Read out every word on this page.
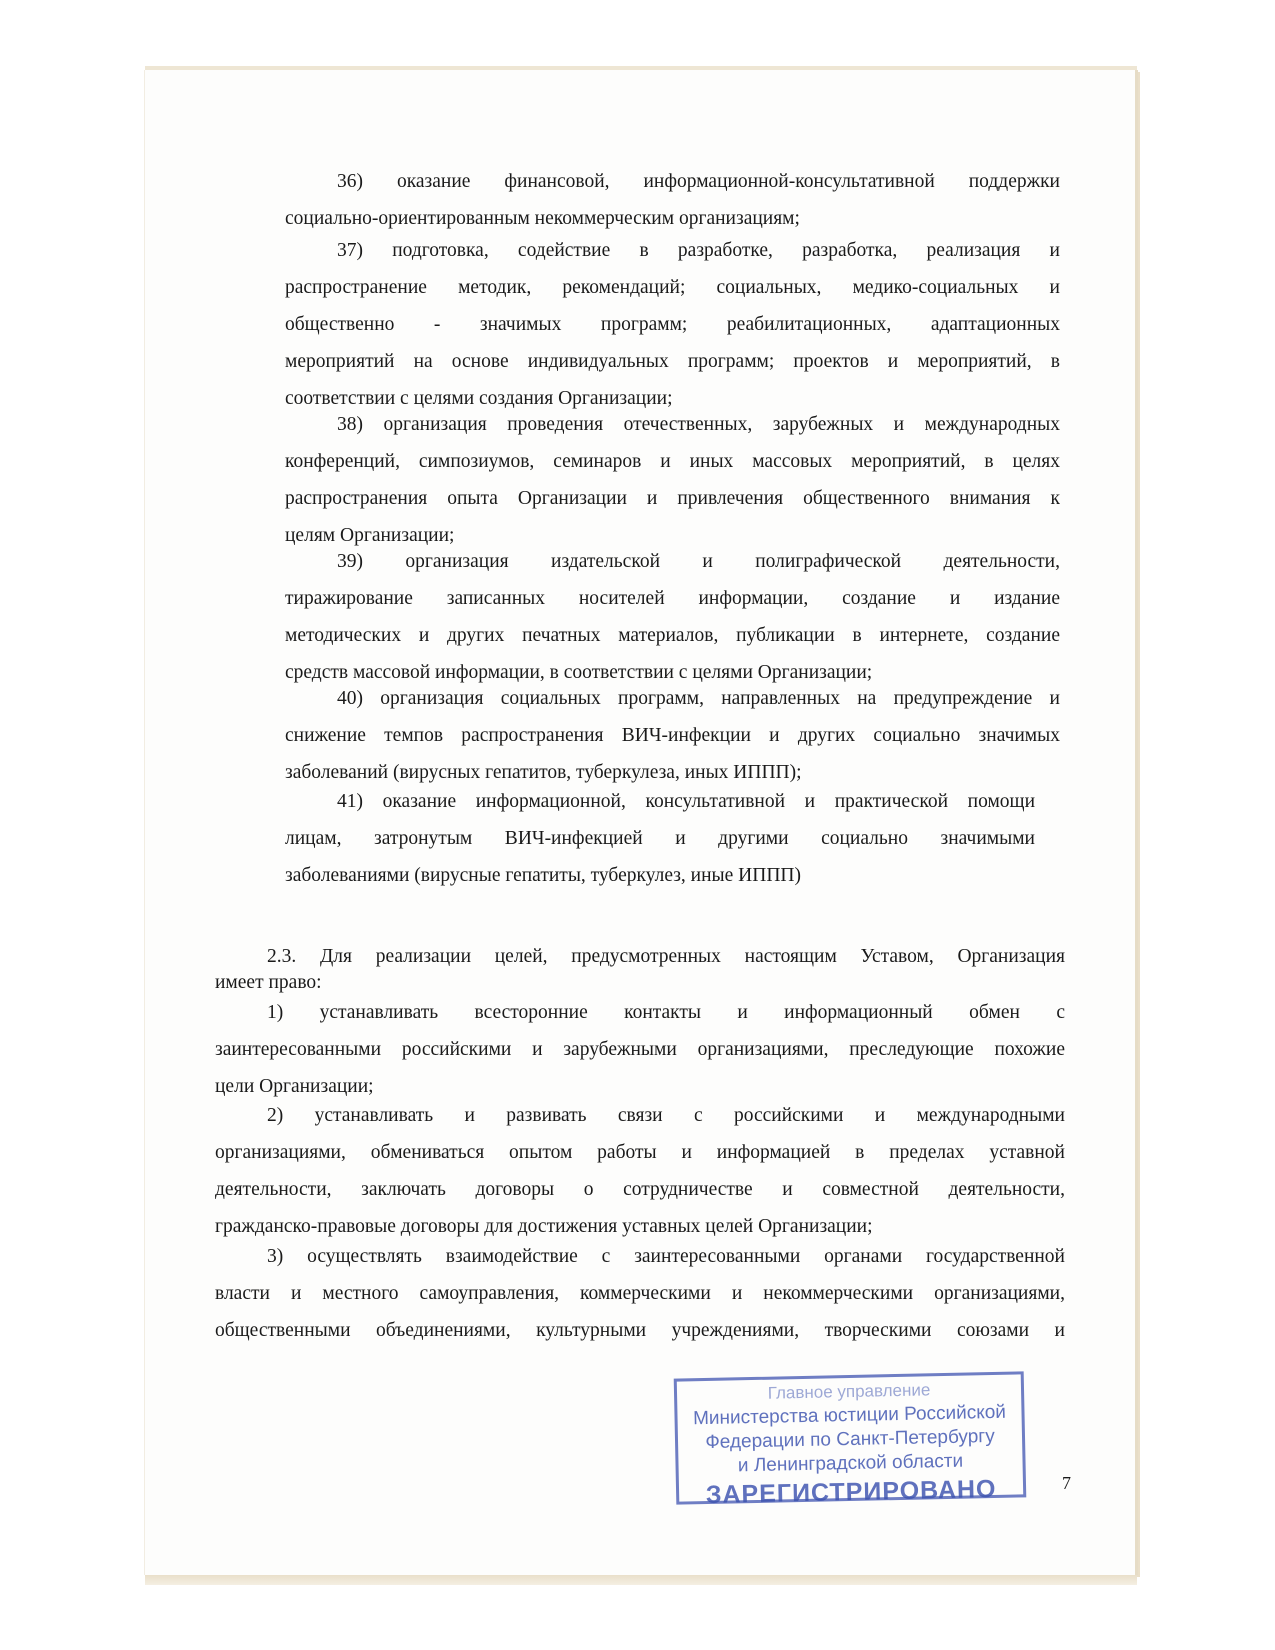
36) оказание финансовой, информационной-консультативной поддержки
социально-ориентированным некоммерческим организациям;
37) подготовка, содействие в разработке, разработка, реализация и
распространение методик, рекомендаций; социальных, медико-социальных и
общественно - значимых программ; реабилитационных, адаптационных
мероприятий на основе индивидуальных программ; проектов и мероприятий, в
соответствии с целями создания Организации;
38) организация проведения отечественных, зарубежных и международных
конференций, симпозиумов, семинаров и иных массовых мероприятий, в целях
распространения опыта Организации и привлечения общественного внимания к
целям Организации;
39) организация издательской и полиграфической деятельности,
тиражирование записанных носителей информации, создание и издание
методических и других печатных материалов, публикации в интернете, создание
средств массовой информации, в соответствии с целями Организации;
40) организация социальных программ, направленных на предупреждение и
снижение темпов распространения ВИЧ-инфекции и других социально значимых
заболеваний (вирусных гепатитов, туберкулеза, иных ИППП);
41) оказание информационной, консультативной и практической помощи
лицам, затронутым ВИЧ-инфекцией и другими социально значимыми
заболеваниями (вирусные гепатиты, туберкулез, иные ИППП)
2.3. Для реализации целей, предусмотренных настоящим Уставом, Организация
имеет право:
1) устанавливать всесторонние контакты и информационный обмен с
заинтересованными российскими и зарубежными организациями, преследующие похожие
цели Организации;
2) устанавливать и развивать связи с российскими и международными
организациями, обмениваться опытом работы и информацией в пределах уставной
деятельности, заключать договоры о сотрудничестве и совместной деятельности,
гражданско-правовые договоры для достижения уставных целей Организации;
3) осуществлять взаимодействие с заинтересованными органами государственной
власти и местного самоуправления, коммерческими и некоммерческими организациями,
общественными объединениями, культурными учреждениями, творческими союзами и
7
Главное управление
Министерства юстиции Российской
Федерации по Санкт-Петербургу
и Ленинградской области
ЗАРЕГИСТРИРОВАНО
